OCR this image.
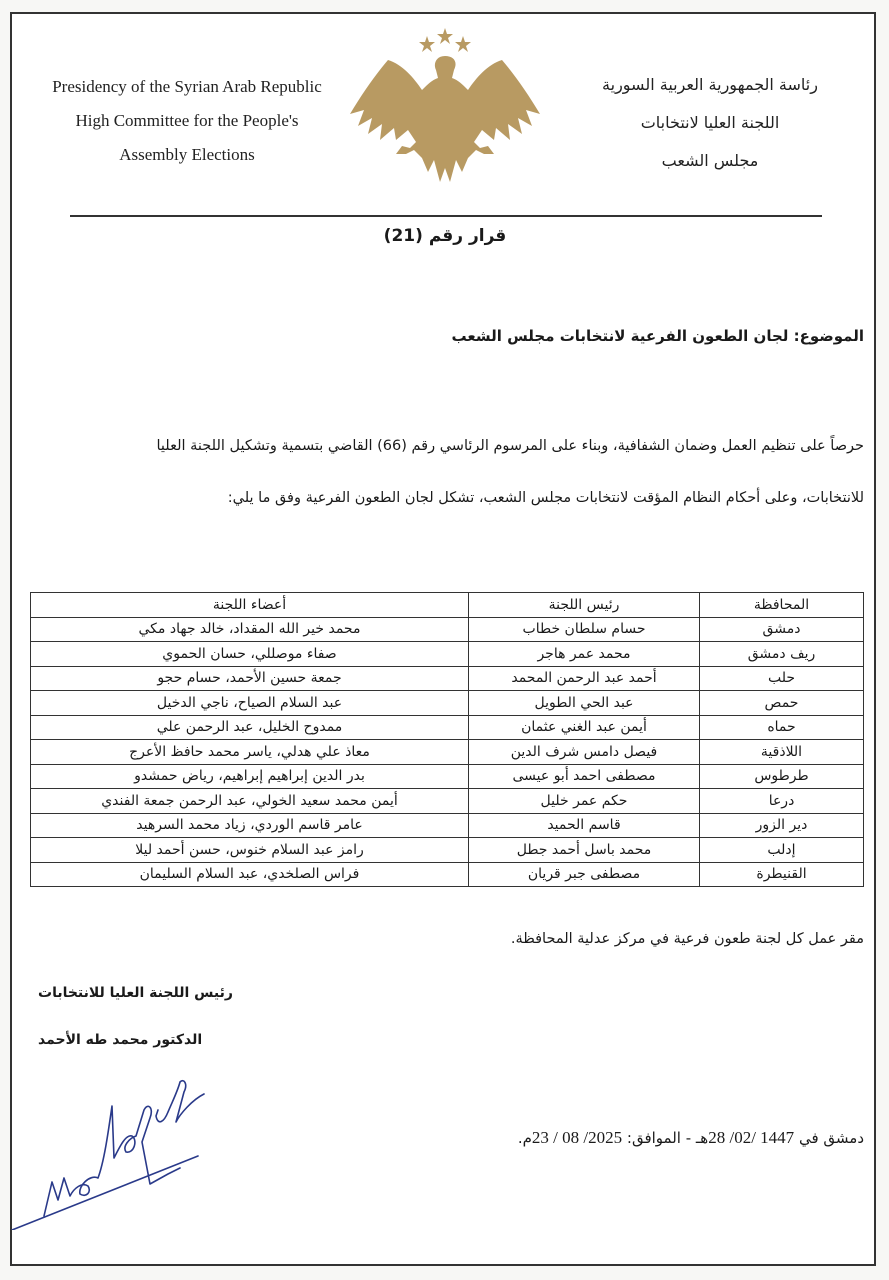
Presidency of the Syrian Arab Republic
High Committee for the People's
Assembly Elections
رئاسة الجمهورية العربية السورية
اللجنة العليا لانتخابات
مجلس الشعب
قرار رقم (21)
الموضوع: لجان الطعون الفرعية لانتخابات مجلس الشعب
حرصاً على تنظيم العمل وضمان الشفافية، وبناء على المرسوم الرئاسي رقم (66) القاضي بتسمية وتشكيل اللجنة العليا
للانتخابات، وعلى أحكام النظام المؤقت لانتخابات مجلس الشعب، تشكل لجان الطعون الفرعية وفق ما يلي:
المحافظة	رئيس اللجنة	أعضاء اللجنة
دمشق	حسام سلطان خطاب	محمد خير الله المقداد، خالد جهاد مكي
ريف دمشق	محمد عمر هاجر	صفاء موصللي، حسان الحموي
حلب	أحمد عبد الرحمن المحمد	جمعة حسين الأحمد، حسام حجو
حمص	عبد الحي الطويل	عبد السلام الصياح، ناجي الدخيل
حماه	أيمن عبد الغني عثمان	ممدوح الخليل، عبد الرحمن علي
اللاذقية	فيصل دامس شرف الدين	معاذ علي هدلي، ياسر محمد حافظ الأعرج
طرطوس	مصطفى احمد أبو عيسى	بدر الدين إبراهيم إبراهيم، رياض حمشدو
درعا	حكم عمر خليل	أيمن محمد سعيد الخولي، عبد الرحمن جمعة الفندي
دير الزور	قاسم الحميد	عامر قاسم الوردي، زياد محمد السرهيد
إدلب	محمد باسل أحمد جطل	رامز عبد السلام خنوس، حسن أحمد ليلا
القنيطرة	مصطفى جبر قريان	فراس الصلخدي، عبد السلام السليمان
مقر عمل كل لجنة طعون فرعية في مركز عدلية المحافظة.
رئيس اللجنة العليا للانتخابات
الدكتور محمد طه الأحمد
دمشق في 28 /02/ 1447هـ - الموافق: 23 / 08 /2025م.
